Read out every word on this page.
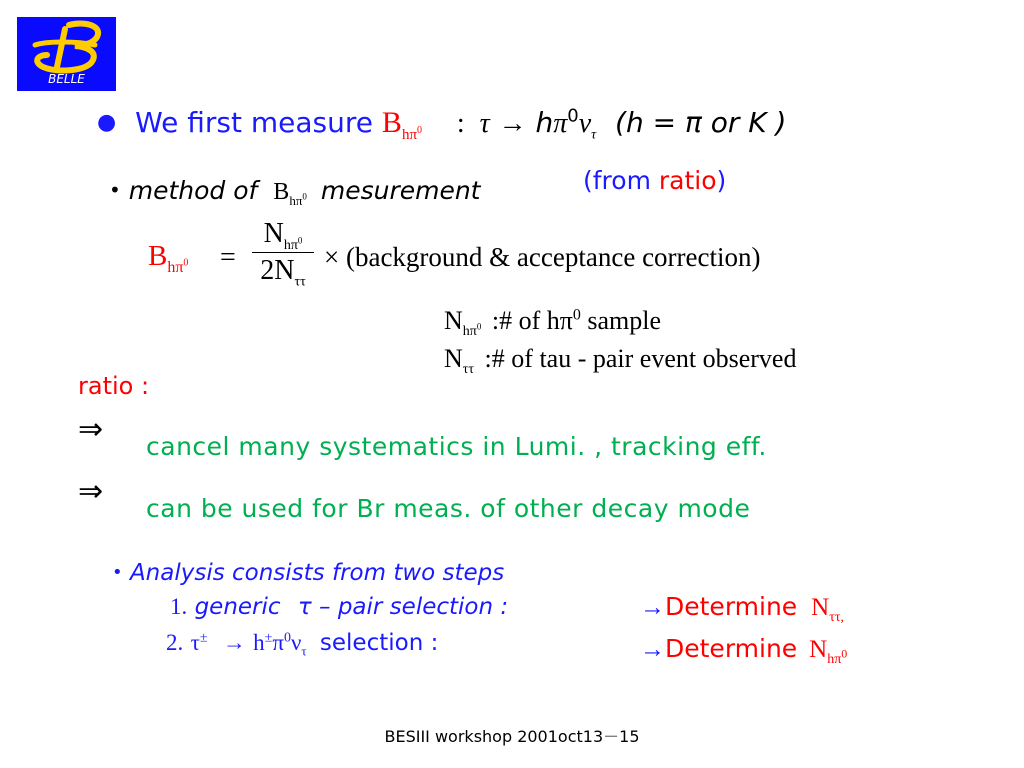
BELLE
● We first measure $B_{h\pi^0}$ : $\tau \to h\pi^0\nu_\tau$ (h = π or K )
• method of $B_{h\pi^0}$ mesurement	(from ratio)
$B_{h\pi^0}$ =
$N_{h\pi^0}$
$2N_{\tau\tau}$
× (background & acceptance correction)
$N_{h\pi^0}$ :# of $h\pi^0$ sample
$N_{\tau\tau}$ :# of tau - pair event observed
ratio :
⇒
cancel many systematics in Lumi. , tracking eff.
⇒
can be used for Br meas. of other decay mode
• Analysis consists from two steps
1. generic τ – pair selection :	→Determine $N_{\tau\tau,}$
2. $\tau^\pm \to h^\pm\pi^0\nu_\tau$ selection :	→Determine $N_{h\pi^0}$
BESIII workshop 2001oct13－15
